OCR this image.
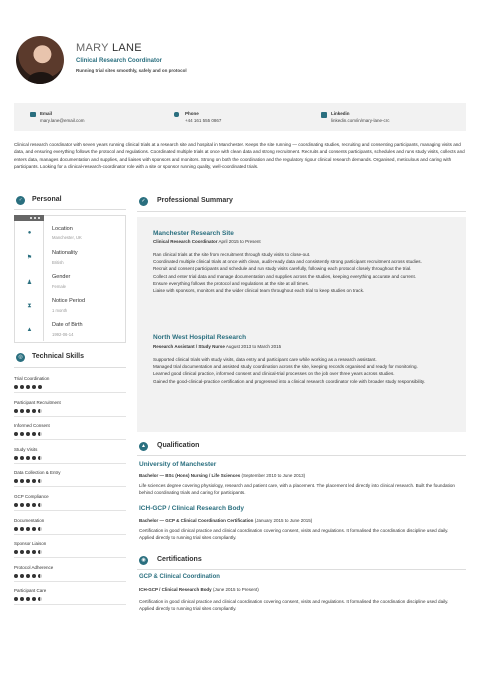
MARY LANE
Clinical Research Coordinator
Running trial sites smoothly, safely and on protocol
Email
mary.lane@email.com
Phone
+44 161 555 0867
Linkedin
linkedin.com/in/mary-lane-crc
Clinical research coordinator with seven years running clinical trials at a research site and hospital in Manchester. Keeps the site running — coordinating studies, recruiting and consenting participants, managing visits and data, and ensuring everything follows the protocol and regulations. Coordinated multiple trials at once with clean data and strong recruitment. Recruits and consents participants, schedules and runs study visits, collects and enters data, manages documentation and supplies, and liaises with sponsors and monitors. Strong on both the coordination and the regulatory rigour clinical research demands. Organised, meticulous and caring with participants. Looking for a clinical-research-coordinator role with a site or sponsor running quality, well-coordinated trials.
♂	Personal
●
Location
Manchester, UK
⚑
Nationality
British
♟
Gender
Female
⧗
Notice Period
1 month
▲
Date of Birth
1992-06-14
◎	Technical Skills
✓	Professional Summary
Manchester Research Site
Clinical Research Coordinator April 2015 to Present
Ran clinical trials at the site from recruitment through study visits to close-out.
Coordinated multiple clinical trials at once with clean, audit-ready data and consistently strong participant recruitment across studies.
Recruit and consent participants and schedule and run study visits carefully, following each protocol closely throughout the trial.
Collect and enter trial data and manage documentation and supplies across the studies, keeping everything accurate and current.
Ensure everything follows the protocol and regulations at the site at all times.
Liaise with sponsors, monitors and the wider clinical team throughout each trial to keep studies on track.
North West Hospital Research
Research Assistant / Study Nurse August 2013 to March 2015
Supported clinical trials with study visits, data entry and participant care while working as a research assistant.
Managed trial documentation and assisted study coordination across the site, keeping records organised and ready for monitoring.
Learned good clinical practice, informed consent and clinical-trial processes on the job over three years across studies.
Gained the good-clinical-practice certification and progressed into a clinical research coordinator role with broader study responsibility.
▲ Qualification
University of Manchester
Bachelor — BSc (Hons) Nursing / Life Sciences (September 2010 to June 2013)
Life sciences degree covering physiology, research and patient care, with a placement. The placement led directly into clinical research. Built the foundation behind coordinating trials and caring for participants.
ICH-GCP / Clinical Research Body
Bachelor — GCP & Clinical Coordination Certification (January 2015 to June 2015)
Certification in good clinical practice and clinical coordination covering consent, visits and regulations. It formalised the coordination discipline used daily. Applied directly to running trial sites compliantly.
◉	Certifications
GCP & Clinical Coordination
ICH-GCP / Clinical Research Body (June 2015 to Present)
Certification in good clinical practice and clinical coordination covering consent, visits and regulations. It formalised the coordination discipline used daily. Applied directly to running trial sites compliantly.
Trial Coordination
Participant Recruitment
Informed Consent
Study Visits
Data Collection & Entry
GCP Compliance
Documentation
Sponsor Liaison
Protocol Adherence
Participant Care
